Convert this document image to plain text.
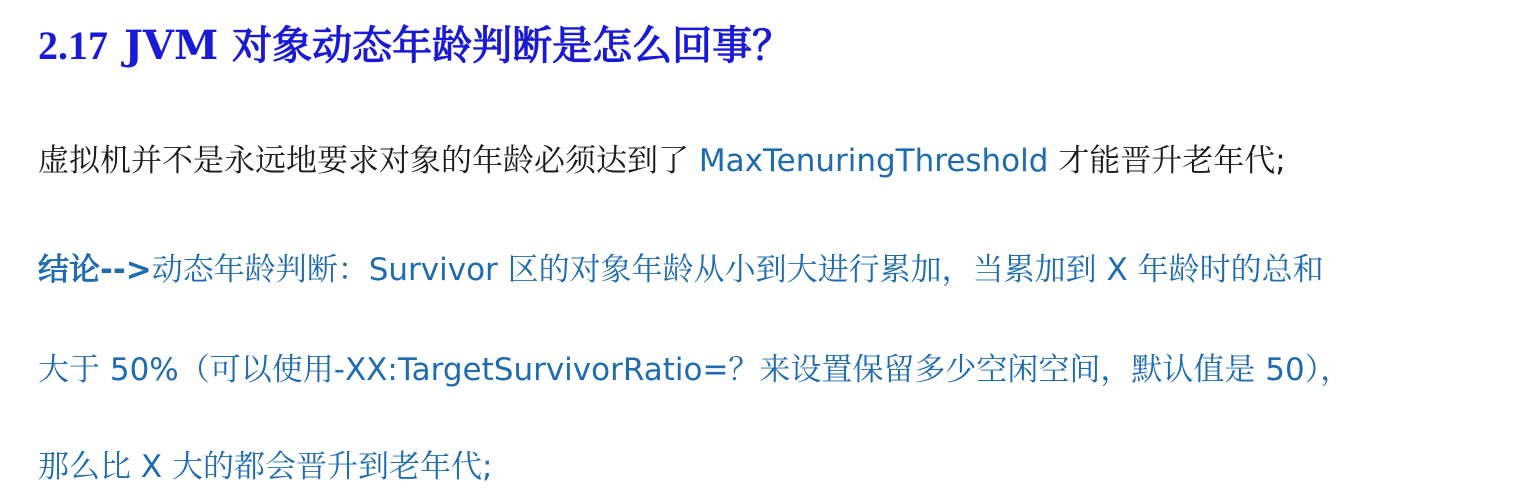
2.17 JVM 对象动态年龄判断是怎么回事？

虚拟机并不是永远地要求对象的年龄必须达到了 MaxTenuringThreshold 才能晋升老年代;

结论-->动态年龄判断：Survivor 区的对象年龄从小到大进行累加，当累加到 X 年龄时的总和

大于 50%（可以使用-XX:TargetSurvivorRatio=？来设置保留多少空闲空间，默认值是 50），

那么比 X 大的都会晋升到老年代;
